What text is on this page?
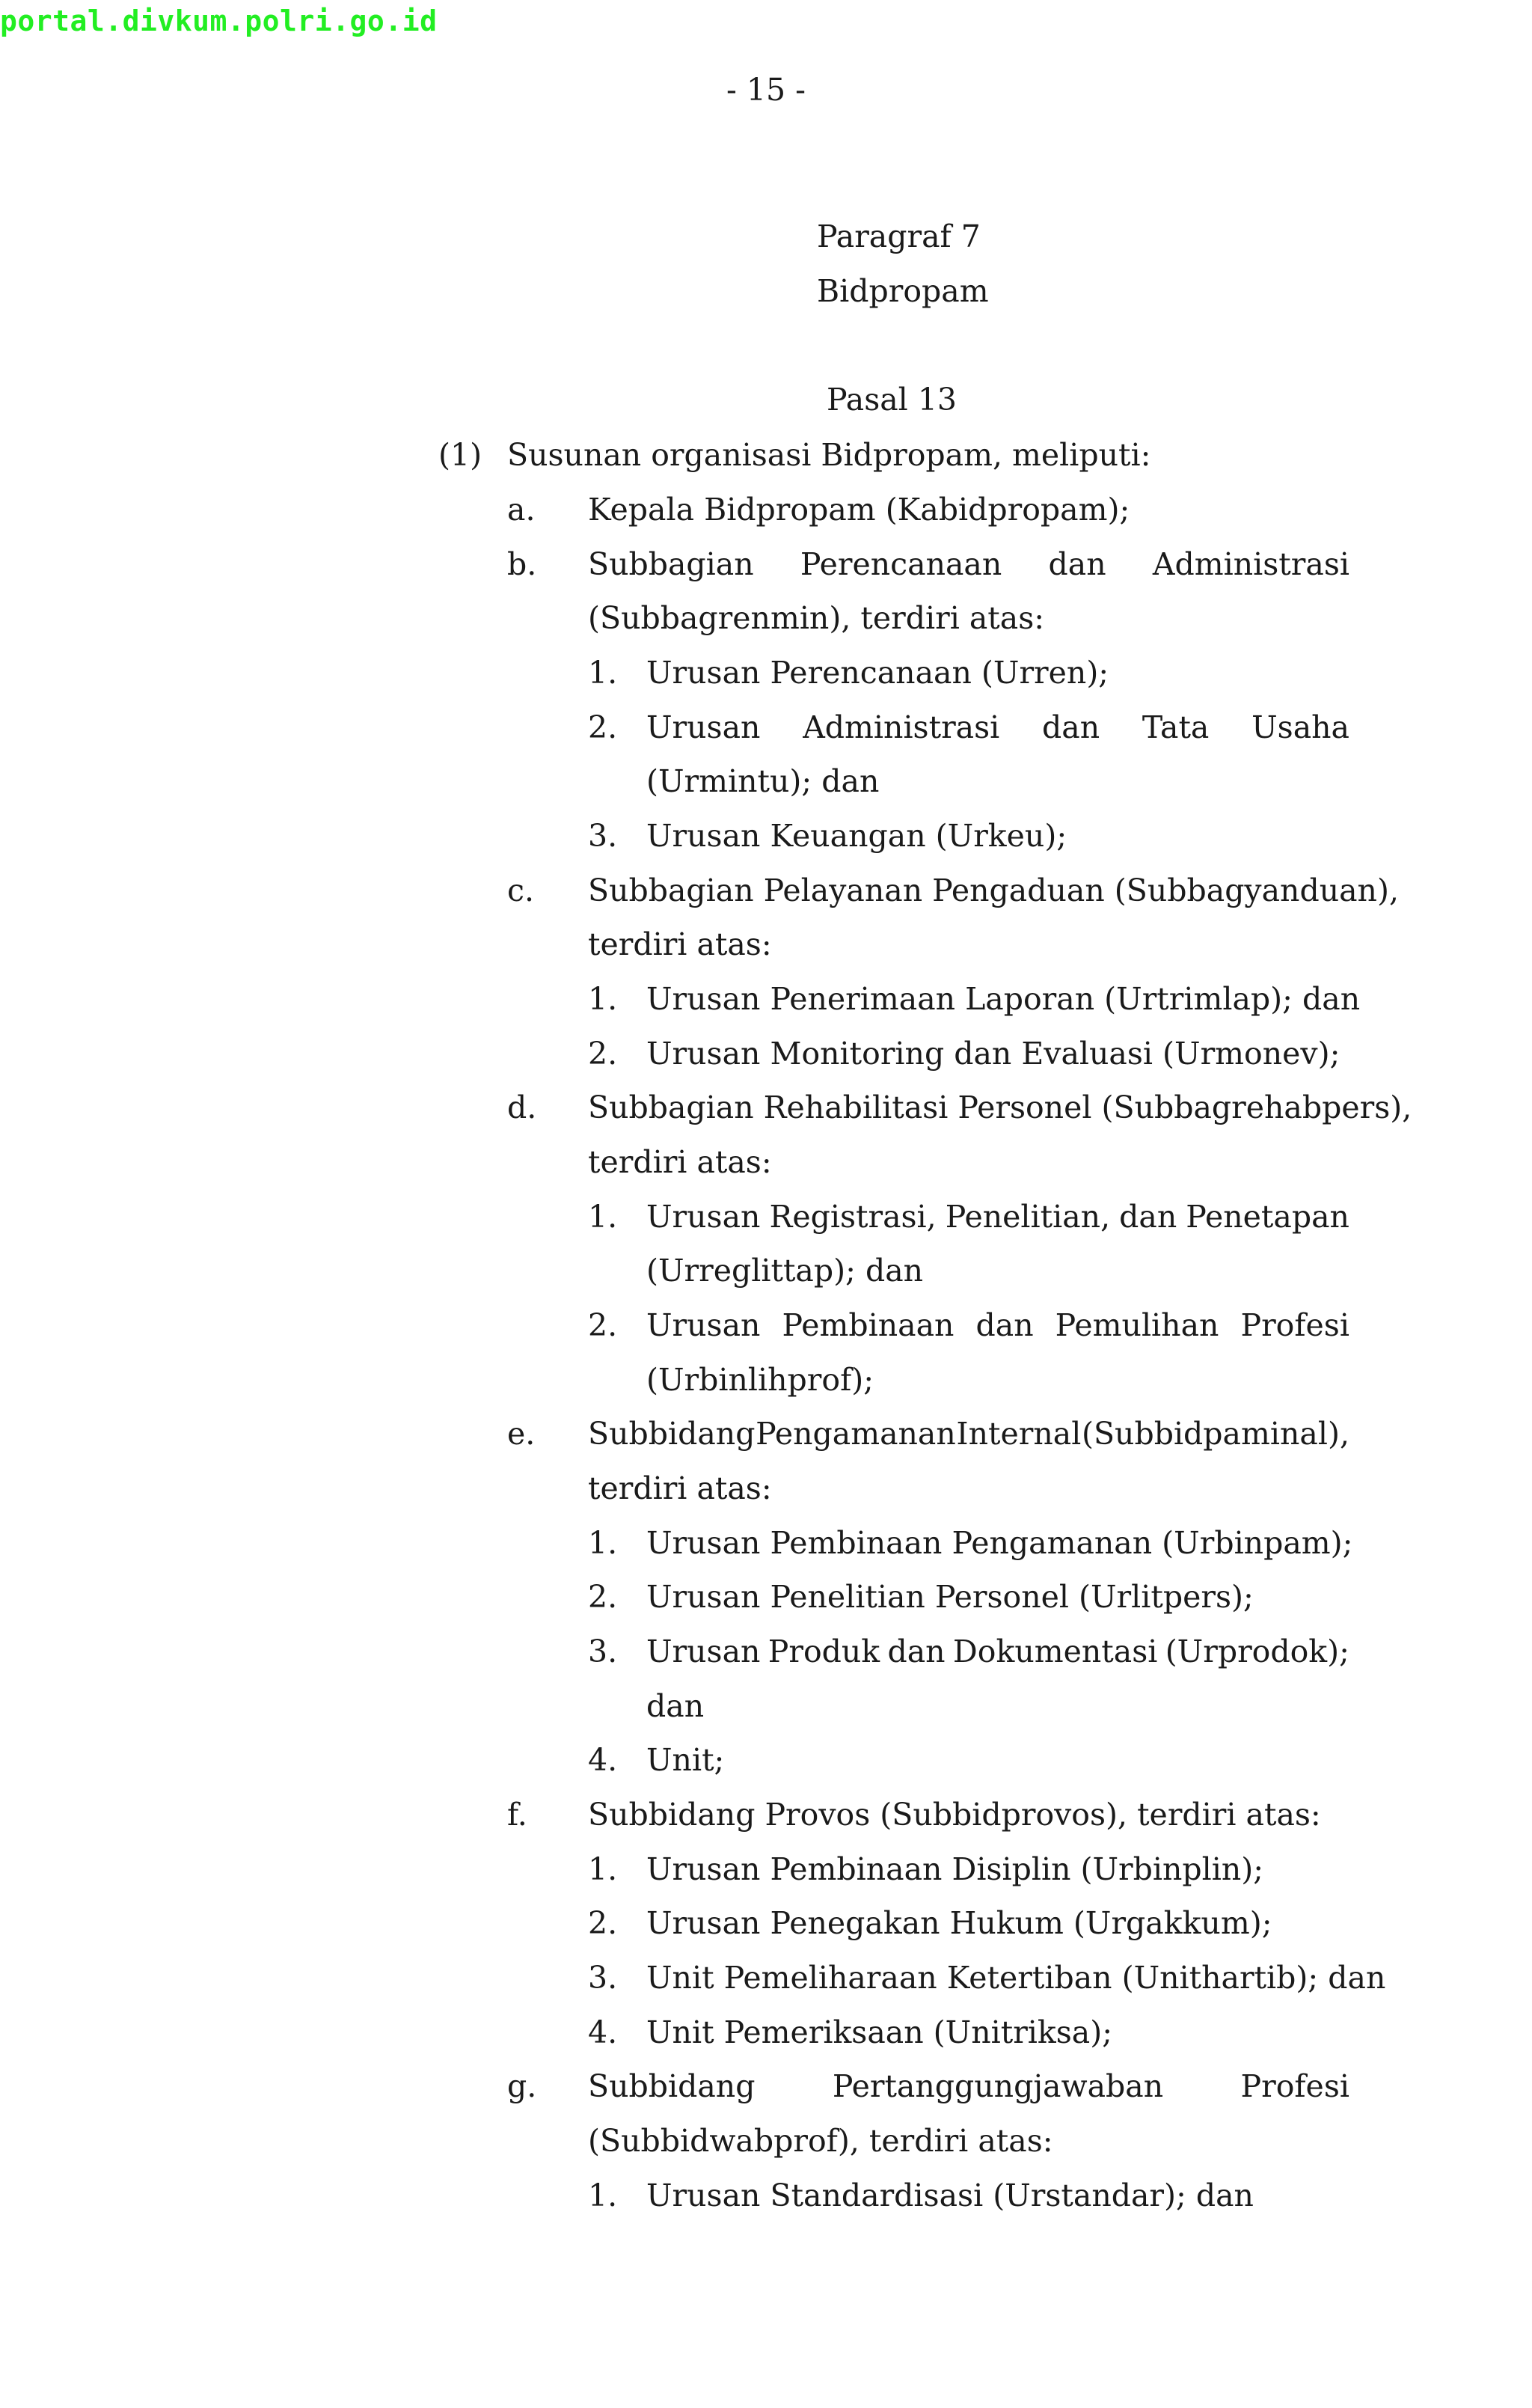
portal.divkum.polri.go.id
- 15 -
Paragraf 7
Bidpropam
Pasal 13
(1) Susunan organisasi Bidpropam, meliputi:
a. Kepala Bidpropam (Kabidpropam);
b. Subbagian Perencanaan dan Administrasi
(Subbagrenmin), terdiri atas:
1. Urusan Perencanaan (Urren);
2. Urusan Administrasi dan Tata Usaha
(Urmintu); dan
3. Urusan Keuangan (Urkeu);
c. Subbagian Pelayanan Pengaduan (Subbagyanduan),
terdiri atas:
1. Urusan Penerimaan Laporan (Urtrimlap); dan
2. Urusan Monitoring dan Evaluasi (Urmonev);
d. Subbagian Rehabilitasi Personel (Subbagrehabpers),
terdiri atas:
1. Urusan Registrasi, Penelitian, dan Penetapan
(Urreglittap); dan
2. Urusan Pembinaan dan Pemulihan Profesi
(Urbinlihprof);
e. Subbidang Pengamanan Internal (Subbidpaminal),
terdiri atas:
1. Urusan Pembinaan Pengamanan (Urbinpam);
2. Urusan Penelitian Personel (Urlitpers);
3. Urusan Produk dan Dokumentasi (Urprodok);
dan
4. Unit;
f. Subbidang Provos (Subbidprovos), terdiri atas:
1. Urusan Pembinaan Disiplin (Urbinplin);
2. Urusan Penegakan Hukum (Urgakkum);
3. Unit Pemeliharaan Ketertiban (Unithartib); dan
4. Unit Pemeriksaan (Unitriksa);
g. Subbidang	Pertanggungjawaban	Profesi
(Subbidwabprof), terdiri atas:
1. Urusan Standardisasi (Urstandar); dan
